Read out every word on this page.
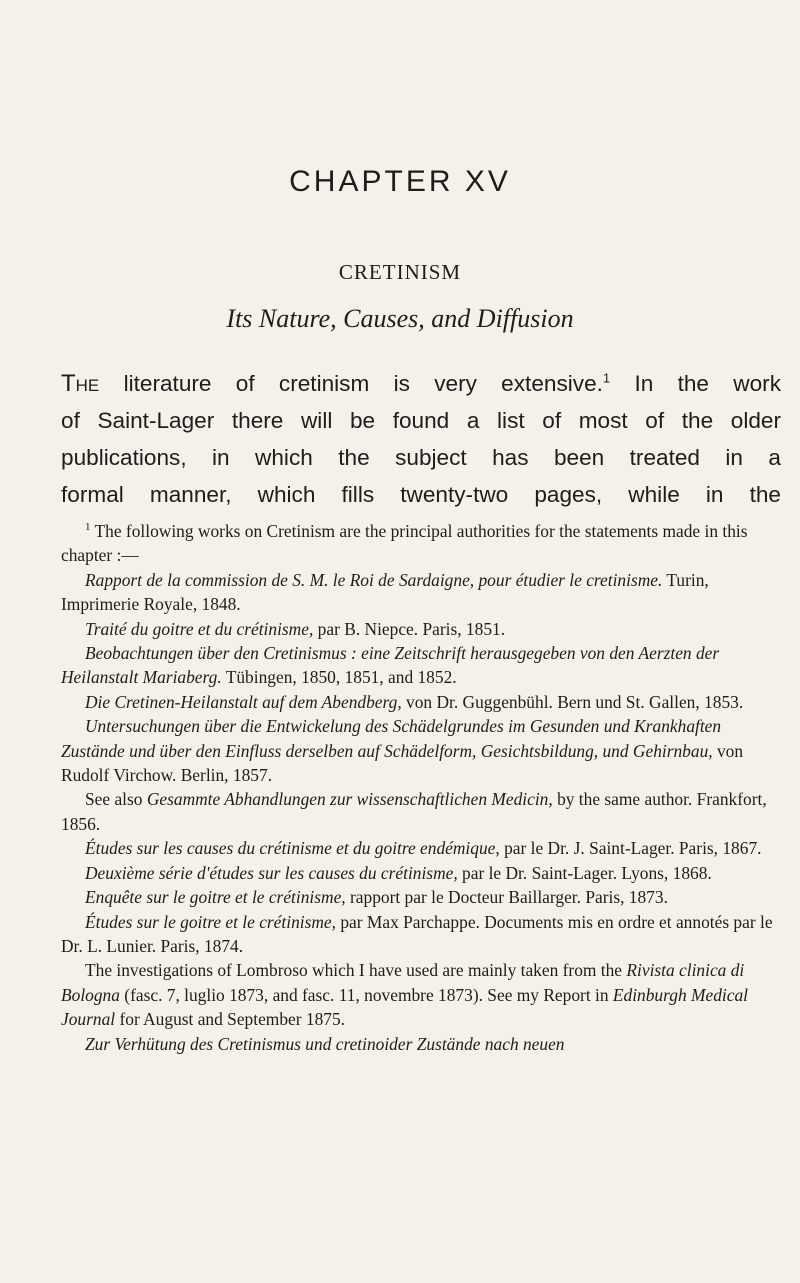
CHAPTER XV
CRETINISM
Its Nature, Causes, and Diffusion
The literature of cretinism is very extensive.$^1$ In the work
of Saint-Lager there will be found a list of most of the older
publications, in which the subject has been treated in a
formal manner, which fills twenty-two pages, while in the

$^1$ The following works on Cretinism are the principal authorities for the statements made in this chapter :—

Rapport de la commission de S. M. le Roi de Sardaigne, pour étudier le cretinisme. Turin, Imprimerie Royale, 1848.

Traité du goitre et du crétinisme, par B. Niepce. Paris, 1851.

Beobachtungen über den Cretinismus : eine Zeitschrift herausgegeben von den Aerzten der Heilanstalt Mariaberg. Tübingen, 1850, 1851, and 1852.

Die Cretinen-Heilanstalt auf dem Abendberg, von Dr. Guggenbühl. Bern und St. Gallen, 1853.

Untersuchungen über die Entwickelung des Schädelgrundes im Gesunden und Krankhaften Zustände und über den Einfluss derselben auf Schädelform, Gesichtsbildung, und Gehirnbau, von Rudolf Virchow. Berlin, 1857.

See also Gesammte Abhandlungen zur wissenschaftlichen Medicin, by the same author. Frankfort, 1856.

Études sur les causes du crétinisme et du goitre endémique, par le Dr. J. Saint-Lager. Paris, 1867.

Deuxième série d'études sur les causes du crétinisme, par le Dr. Saint-Lager. Lyons, 1868.

Enquête sur le goitre et le crétinisme, rapport par le Docteur Baillarger. Paris, 1873.

Études sur le goitre et le crétinisme, par Max Parchappe. Documents mis en ordre et annotés par le Dr. L. Lunier. Paris, 1874.

The investigations of Lombroso which I have used are mainly taken from the Rivista clinica di Bologna (fasc. 7, luglio 1873, and fasc. 11, novembre 1873). See my Report in Edinburgh Medical Journal for August and September 1875.

Zur Verhütung des Cretinismus und cretinoider Zustände nach neuen
